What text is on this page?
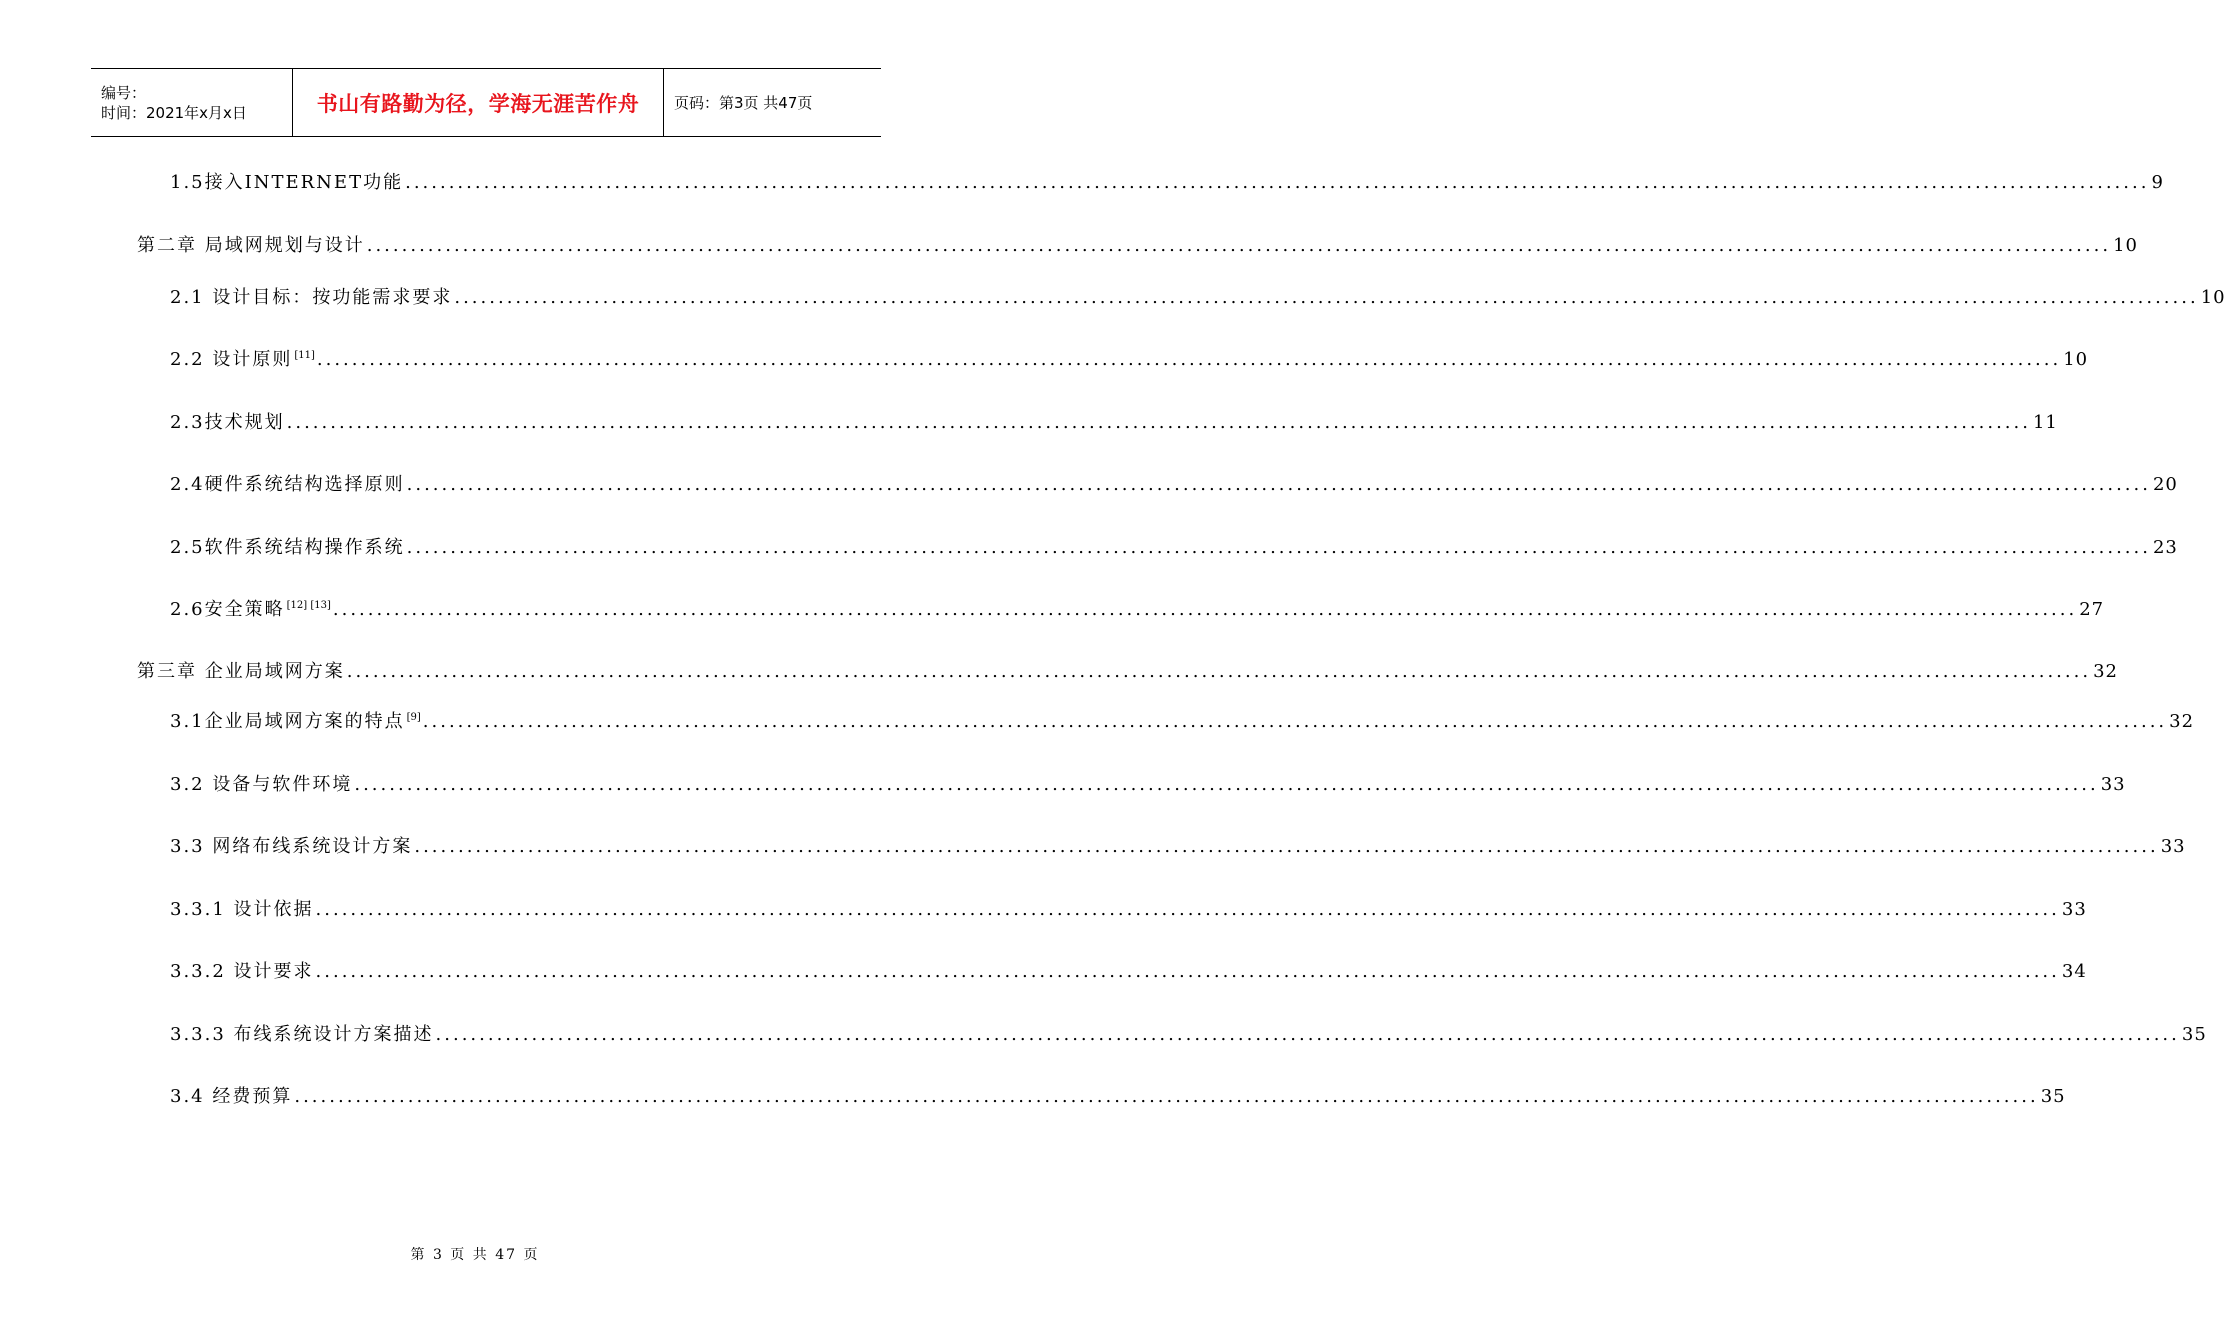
编号：
时间：2021年x月x日	书山有路勤为径，学海无涯苦作舟 页码：第3页 共47页
1.5接入INTERNET功能 ........................................................................................................................................................................................................ 9
第二章 局域网规划与设计 ........................................................................................................................................................................................................ 10
2.1 设计目标：按功能需求要求 ........................................................................................................................................................................................................ 10
2.2 设计原则 [11] ........................................................................................................................................................................................................ 10
2.3技术规划 ........................................................................................................................................................................................................ 11
2.4硬件系统结构选择原则 ........................................................................................................................................................................................................ 20
2.5软件系统结构操作系统 ........................................................................................................................................................................................................ 23
2.6安全策略 [12] [13] ........................................................................................................................................................................................................ 27
第三章 企业局域网方案 ........................................................................................................................................................................................................ 32
3.1企业局域网方案的特点 [9] ........................................................................................................................................................................................................ 32
3.2 设备与软件环境 ........................................................................................................................................................................................................ 33
3.3 网络布线系统设计方案 ........................................................................................................................................................................................................ 33
3.3.1 设计依据 ........................................................................................................................................................................................................ 33
3.3.2 设计要求 ........................................................................................................................................................................................................ 34
3.3.3 布线系统设计方案描述 ........................................................................................................................................................................................................ 35
3.4 经费预算 ........................................................................................................................................................................................................ 35
第 3 页 共 47 页
